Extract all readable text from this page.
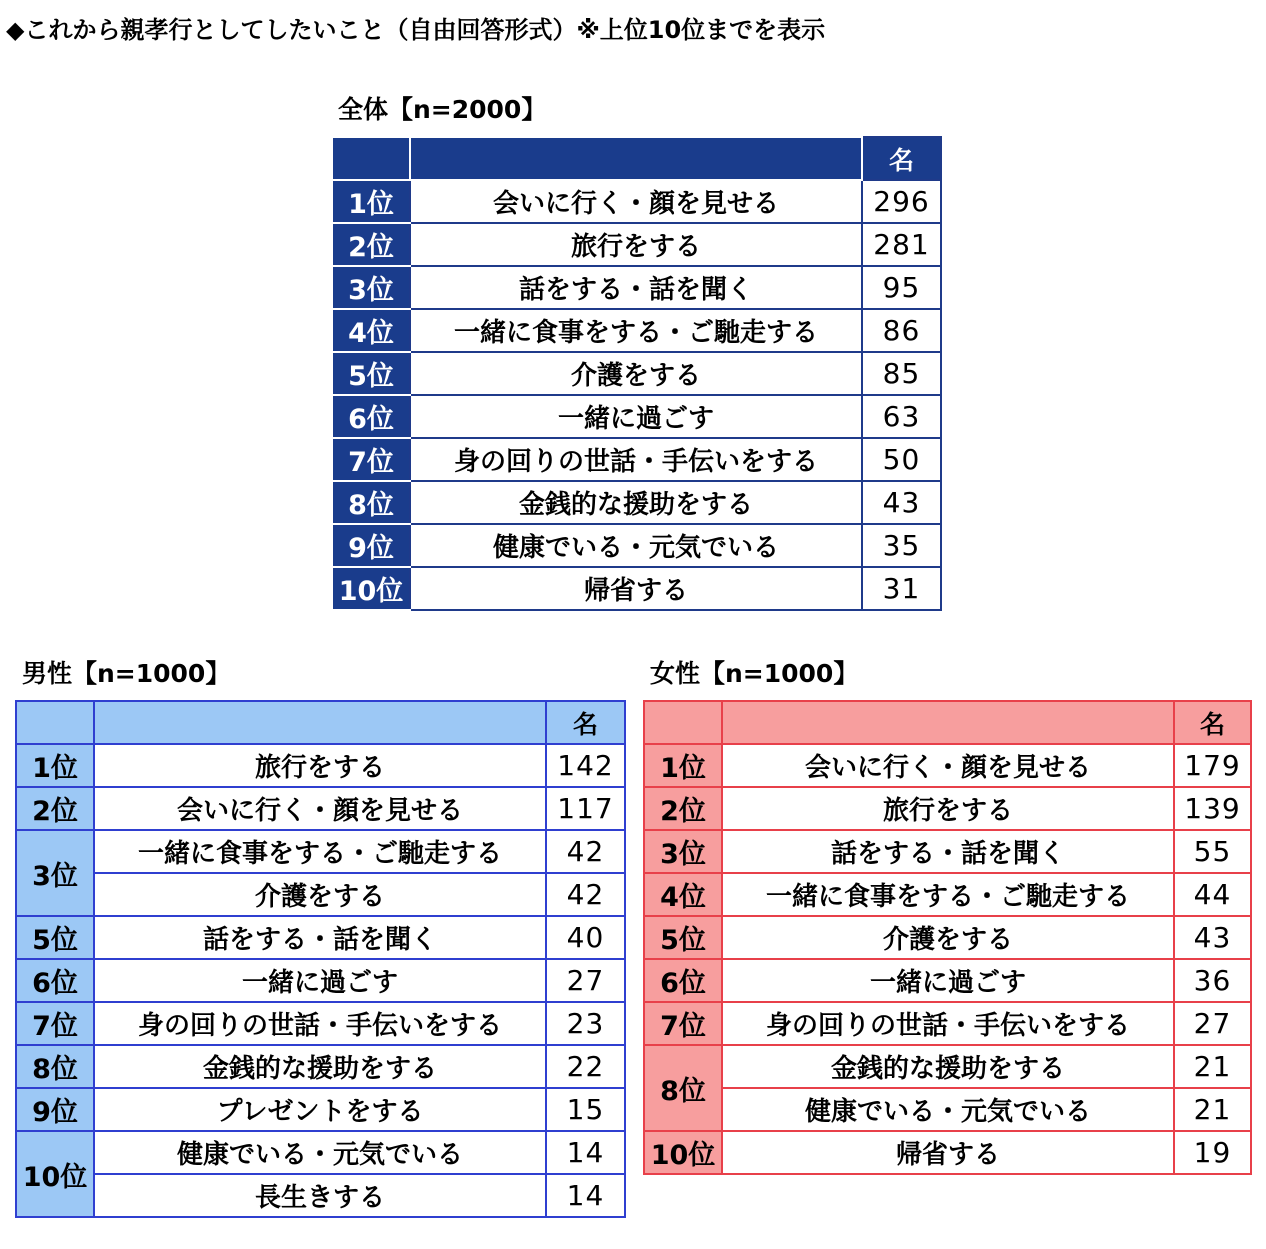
◆これから親孝行としてしたいこと（自由回答形式）※上位10位までを表示
全体【n=2000】
		名
1位	会いに行く・顔を見せる	296
2位	旅行をする	281
3位	話をする・話を聞く	95
4位	一緒に食事をする・ご馳走する	86
5位	介護をする	85
6位	一緒に過ごす	63
7位	身の回りの世話・手伝いをする	50
8位	金銭的な援助をする	43
9位	健康でいる・元気でいる	35
10位	帰省する	31
男性【n=1000】
		名
1位	旅行をする	142
2位	会いに行く・顔を見せる	117
3位	一緒に食事をする・ご馳走する	42
	介護をする	42
5位	話をする・話を聞く	40
6位	一緒に過ごす	27
7位	身の回りの世話・手伝いをする	23
8位	金銭的な援助をする	22
9位	プレゼントをする	15
10位	健康でいる・元気でいる	14
	長生きする	14
女性【n=1000】
		名
1位	会いに行く・顔を見せる	179
2位	旅行をする	139
3位	話をする・話を聞く	55
4位	一緒に食事をする・ご馳走する	44
5位	介護をする	43
6位	一緒に過ごす	36
7位	身の回りの世話・手伝いをする	27
8位	金銭的な援助をする	21
	健康でいる・元気でいる	21
10位	帰省する	19
